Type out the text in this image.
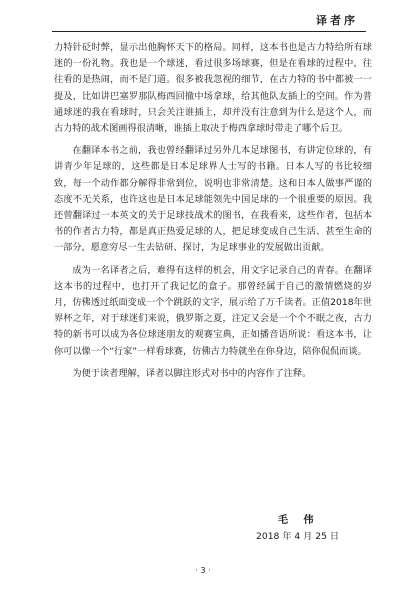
译者序

力特针砭时弊，显示出他胸怀天下的格局。同样，这本书也是古力特给所有球迷的一份礼物。我也是一个球迷，看过很多场球赛，但是在看球的过程中，往往看的是热闹，而不是门道。很多被我忽视的细节，在古力特的书中都被一一提及，比如讲巴塞罗那队梅西回撤中场拿球，给其他队友插上的空间。作为普通球迷的我在看球时，只会关注谁插上，却并没有注意到为什么是这个人，而古力特的战术图画得很清晰，谁插上取决于梅西拿球时带走了哪个后卫。

在翻译本书之前，我也曾经翻译过另外几本足球图书，有讲定位球的，有讲青少年足球的，这些都是日本足球界人士写的书籍。日本人写的书比较细致，每一个动作都分解得非常到位，说明也非常清楚。这和日本人做事严谨的态度不无关系，也许这也是日本足球能领先中国足球的一个很重要的原因。我还曾翻译过一本英文的关于足球技战术的图书，在我看来，这些作者，包括本书的作者古力特，都是真正热爱足球的人，把足球变成自己生活、甚至生命的一部分，愿意穷尽一生去钻研、探讨，为足球事业的发展做出贡献。

成为一名译者之后，难得有这样的机会，用文字记录自己的青春。在翻译这本书的过程中，也打开了我记忆的盒子。那曾经属于自己的激情燃烧的岁月，仿佛透过纸面变成一个个跳跃的文字，展示给了万千读者。正值2018年世界杯之年，对于球迷们来说，俄罗斯之夏，注定又会是一个个不眠之夜，古力特的新书可以成为各位球迷朋友的观赛宝典，正如播音语所说：看这本书，让你可以像一个“行家”一样看球赛，仿佛古力特就坐在你身边，陪你侃侃而谈。

为便于读者理解，译者以脚注形式对书中的内容作了注释。

毛 伟
2018 年 4 月 25 日
· 3 ·
